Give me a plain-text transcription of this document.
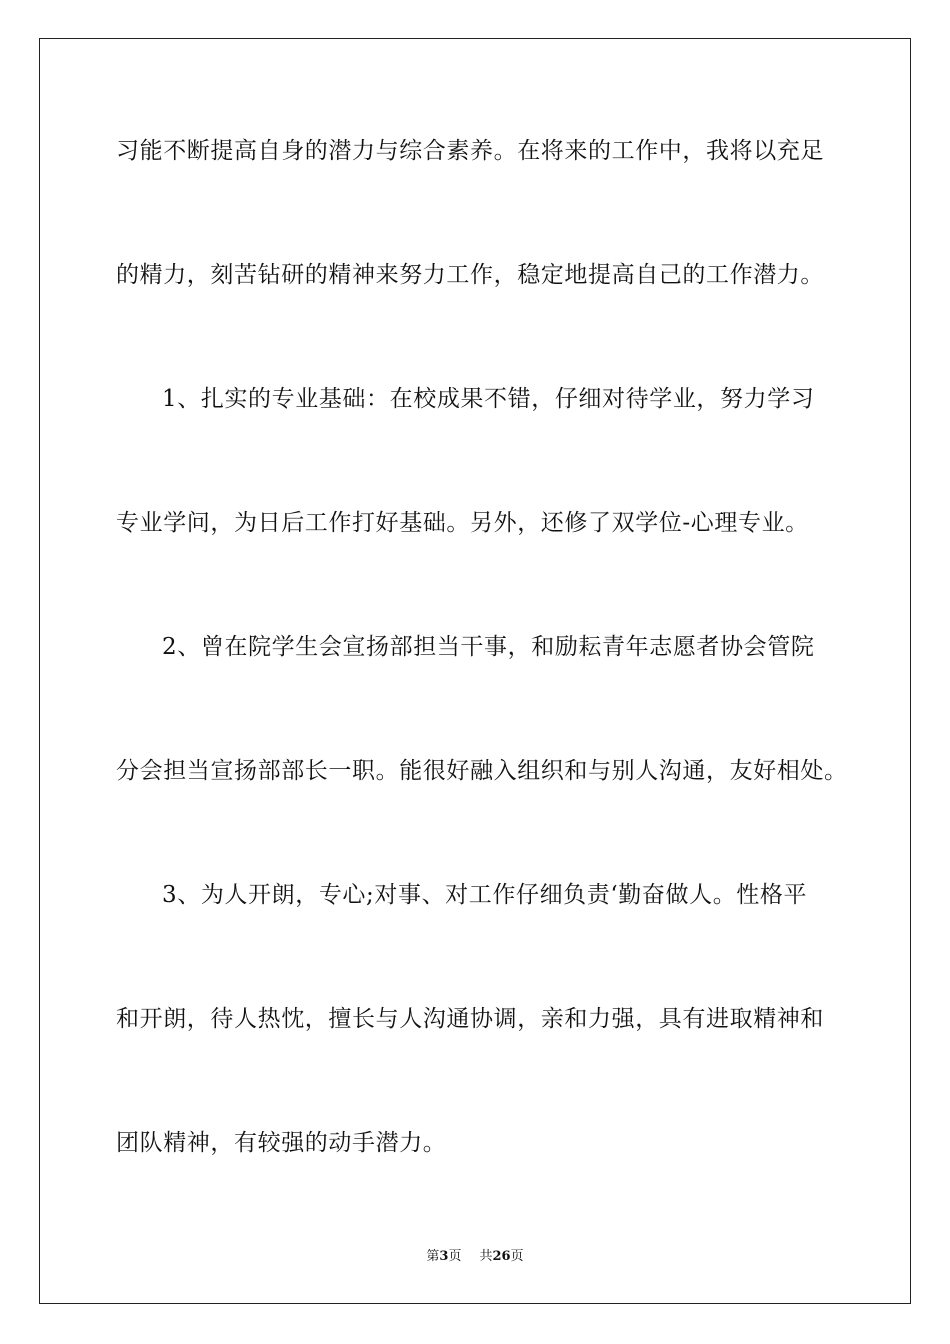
习能不断提高自身的潜力与综合素养。在将来的工作中，我将以充足
的精力，刻苦钻研的精神来努力工作，稳定地提高自己的工作潜力。
1、扎实的专业基础：在校成果不错，仔细对待学业，努力学习
专业学问，为日后工作打好基础。另外，还修了双学位-心理专业。
2、曾在院学生会宣扬部担当干事，和励耘青年志愿者协会管院
分会担当宣扬部部长一职。能很好融入组织和与别人沟通，友好相处。
3、为人开朗，专心;对事、对工作仔细负责‘勤奋做人。性格平
和开朗，待人热忱，擅长与人沟通协调，亲和力强，具有进取精神和
团队精神，有较强的动手潜力。
第3页 共26页
